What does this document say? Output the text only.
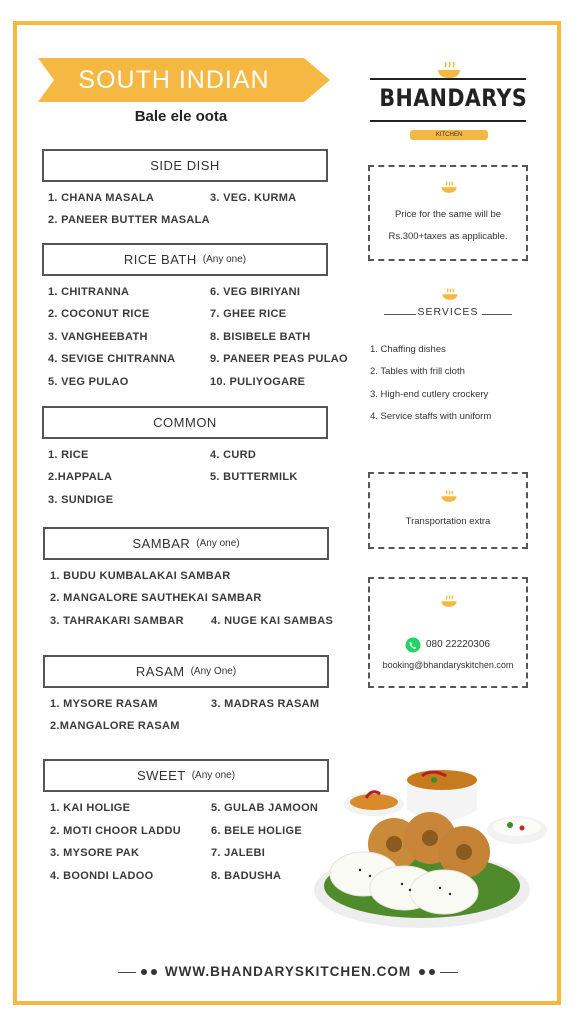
SOUTH INDIAN
Bale ele oota
BHANDARYS
KITCHEN
SIDE DISH
1. CHANA MASALA	3. VEG. KURMA
2. PANEER BUTTER MASALA
RICE BATH (Any one)
1. CHITRANNA	6. VEG BIRIYANI
2. COCONUT RICE	7. GHEE RICE
3. VANGHEEBATH	8. BISIBELE BATH
4. SEVIGE CHITRANNA	9. PANEER PEAS PULAO
5. VEG PULAO	10. PULIYOGARE
COMMON
1. RICE	4. CURD
2.HAPPALA	5. BUTTERMILK
3. SUNDIGE
SAMBAR (Any one)
1. BUDU KUMBALAKAI SAMBAR
2. MANGALORE SAUTHEKAI SAMBAR
3. TAHRAKARI SAMBAR 4. NUGE KAI SAMBAS
RASAM (Any One)
1. MYSORE RASAM	3. MADRAS RASAM
2.MANGALORE RASAM
SWEET (Any one)
1. KAI HOLIGE	5. GULAB JAMOON
2. MOTI CHOOR LADDU	6. BELE HOLIGE
3. MYSORE PAK	7. JALEBI
4. BOONDI LADOO	8. BADUSHA
Price for the same will be
Rs.300+taxes as applicable.
SERVICES
1. Chaffing dishes
2. Tables with frill cloth
3. High-end cutlery crockery
4. Service staffs with uniform
Transportation extra
080 22220306
booking@bhandaryskitchen.com
WWW.BHANDARYSKITCHEN.COM
